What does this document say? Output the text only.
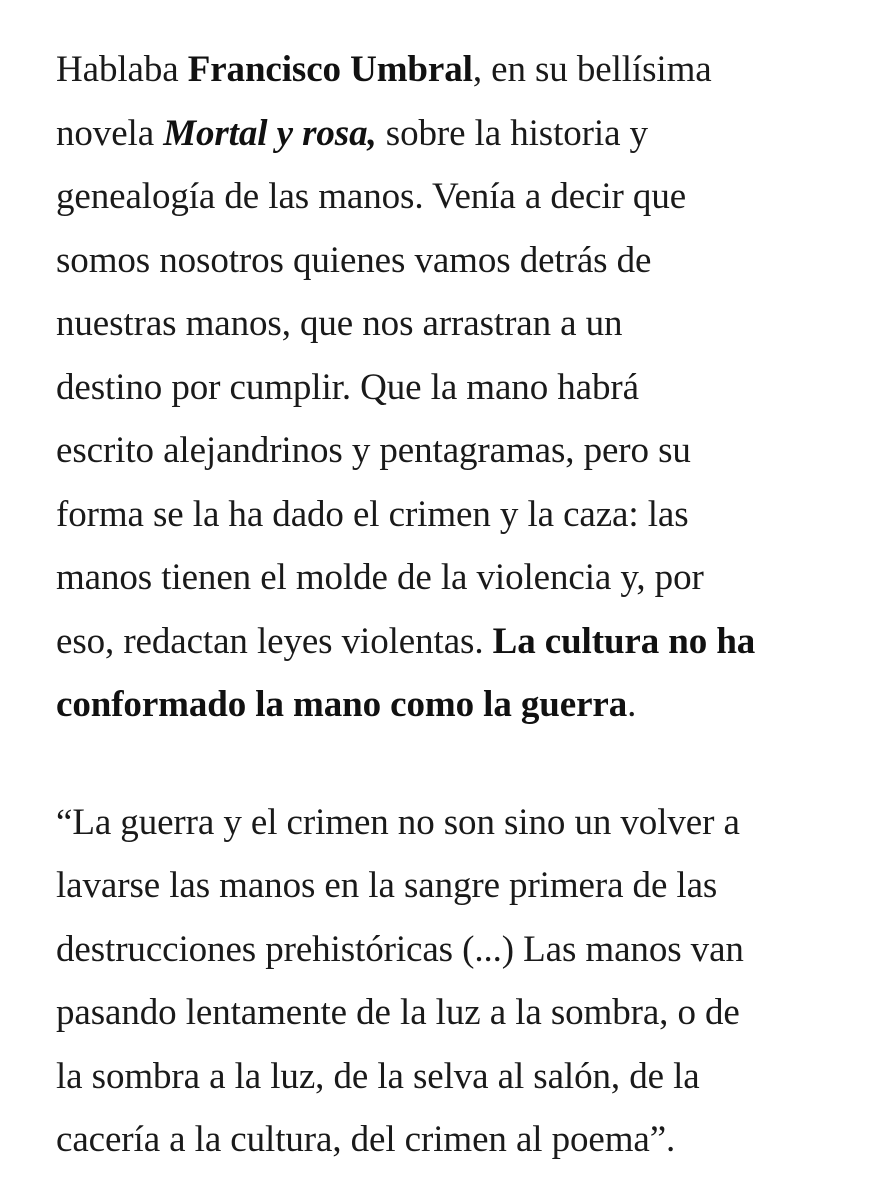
Hablaba Francisco Umbral, en su bellísima
novela Mortal y rosa, sobre la historia y
genealogía de las manos. Venía a decir que
somos nosotros quienes vamos detrás de
nuestras manos, que nos arrastran a un
destino por cumplir. Que la mano habrá
escrito alejandrinos y pentagramas, pero su
forma se la ha dado el crimen y la caza: las
manos tienen el molde de la violencia y, por
eso, redactan leyes violentas. La cultura no ha
conformado la mano como la guerra.

“La guerra y el crimen no son sino un volver a
lavarse las manos en la sangre primera de las
destrucciones prehistóricas (...) Las manos van
pasando lentamente de la luz a la sombra, o de
la sombra a la luz, de la selva al salón, de la
cacería a la cultura, del crimen al poema”.
